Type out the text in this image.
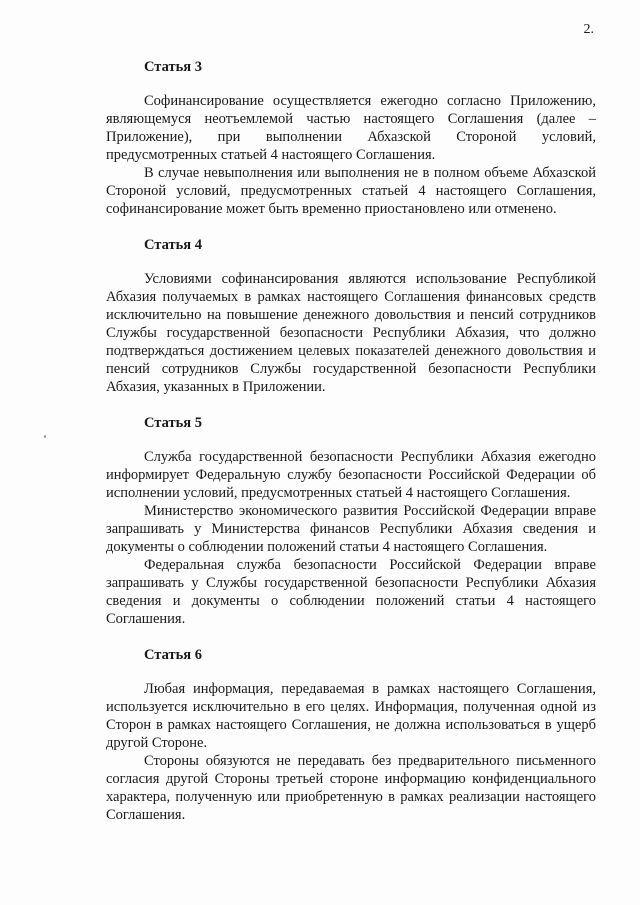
2.
Статья 3

Софинансирование осуществляется ежегодно согласно Приложению, являющемуся неотъемлемой частью настоящего Соглашения (далее – Приложение), при выполнении Абхазской Стороной условий, предусмотренных статьей 4 настоящего Соглашения.

В случае невыполнения или выполнения не в полном объеме Абхазской Стороной условий, предусмотренных статьей 4 настоящего Соглашения, софинансирование может быть временно приостановлено или отменено.

Статья 4

Условиями софинансирования являются использование Республикой Абхазия получаемых в рамках настоящего Соглашения финансовых средств исключительно на повышение денежного довольствия и пенсий сотрудников Службы государственной безопасности Республики Абхазия, что должно подтверждаться достижением целевых показателей денежного довольствия и пенсий сотрудников Службы государственной безопасности Республики Абхазия, указанных в Приложении.

Статья 5

Служба государственной безопасности Республики Абхазия ежегодно информирует Федеральную службу безопасности Российской Федерации об исполнении условий, предусмотренных статьей 4 настоящего Соглашения.

Министерство экономического развития Российской Федерации вправе запрашивать у Министерства финансов Республики Абхазия сведения и документы о соблюдении положений статьи 4 настоящего Соглашения.

Федеральная служба безопасности Российской Федерации вправе запрашивать у Службы государственной безопасности Республики Абхазия сведения и документы о соблюдении положений статьи 4 настоящего Соглашения.

Статья 6

Любая информация, передаваемая в рамках настоящего Соглашения, используется исключительно в его целях. Информация, полученная одной из Сторон в рамках настоящего Соглашения, не должна использоваться в ущерб другой Стороне.

Стороны обязуются не передавать без предварительного письменного согласия другой Стороны третьей стороне информацию конфиденциального характера, полученную или приобретенную в рамках реализации настоящего Соглашения.
